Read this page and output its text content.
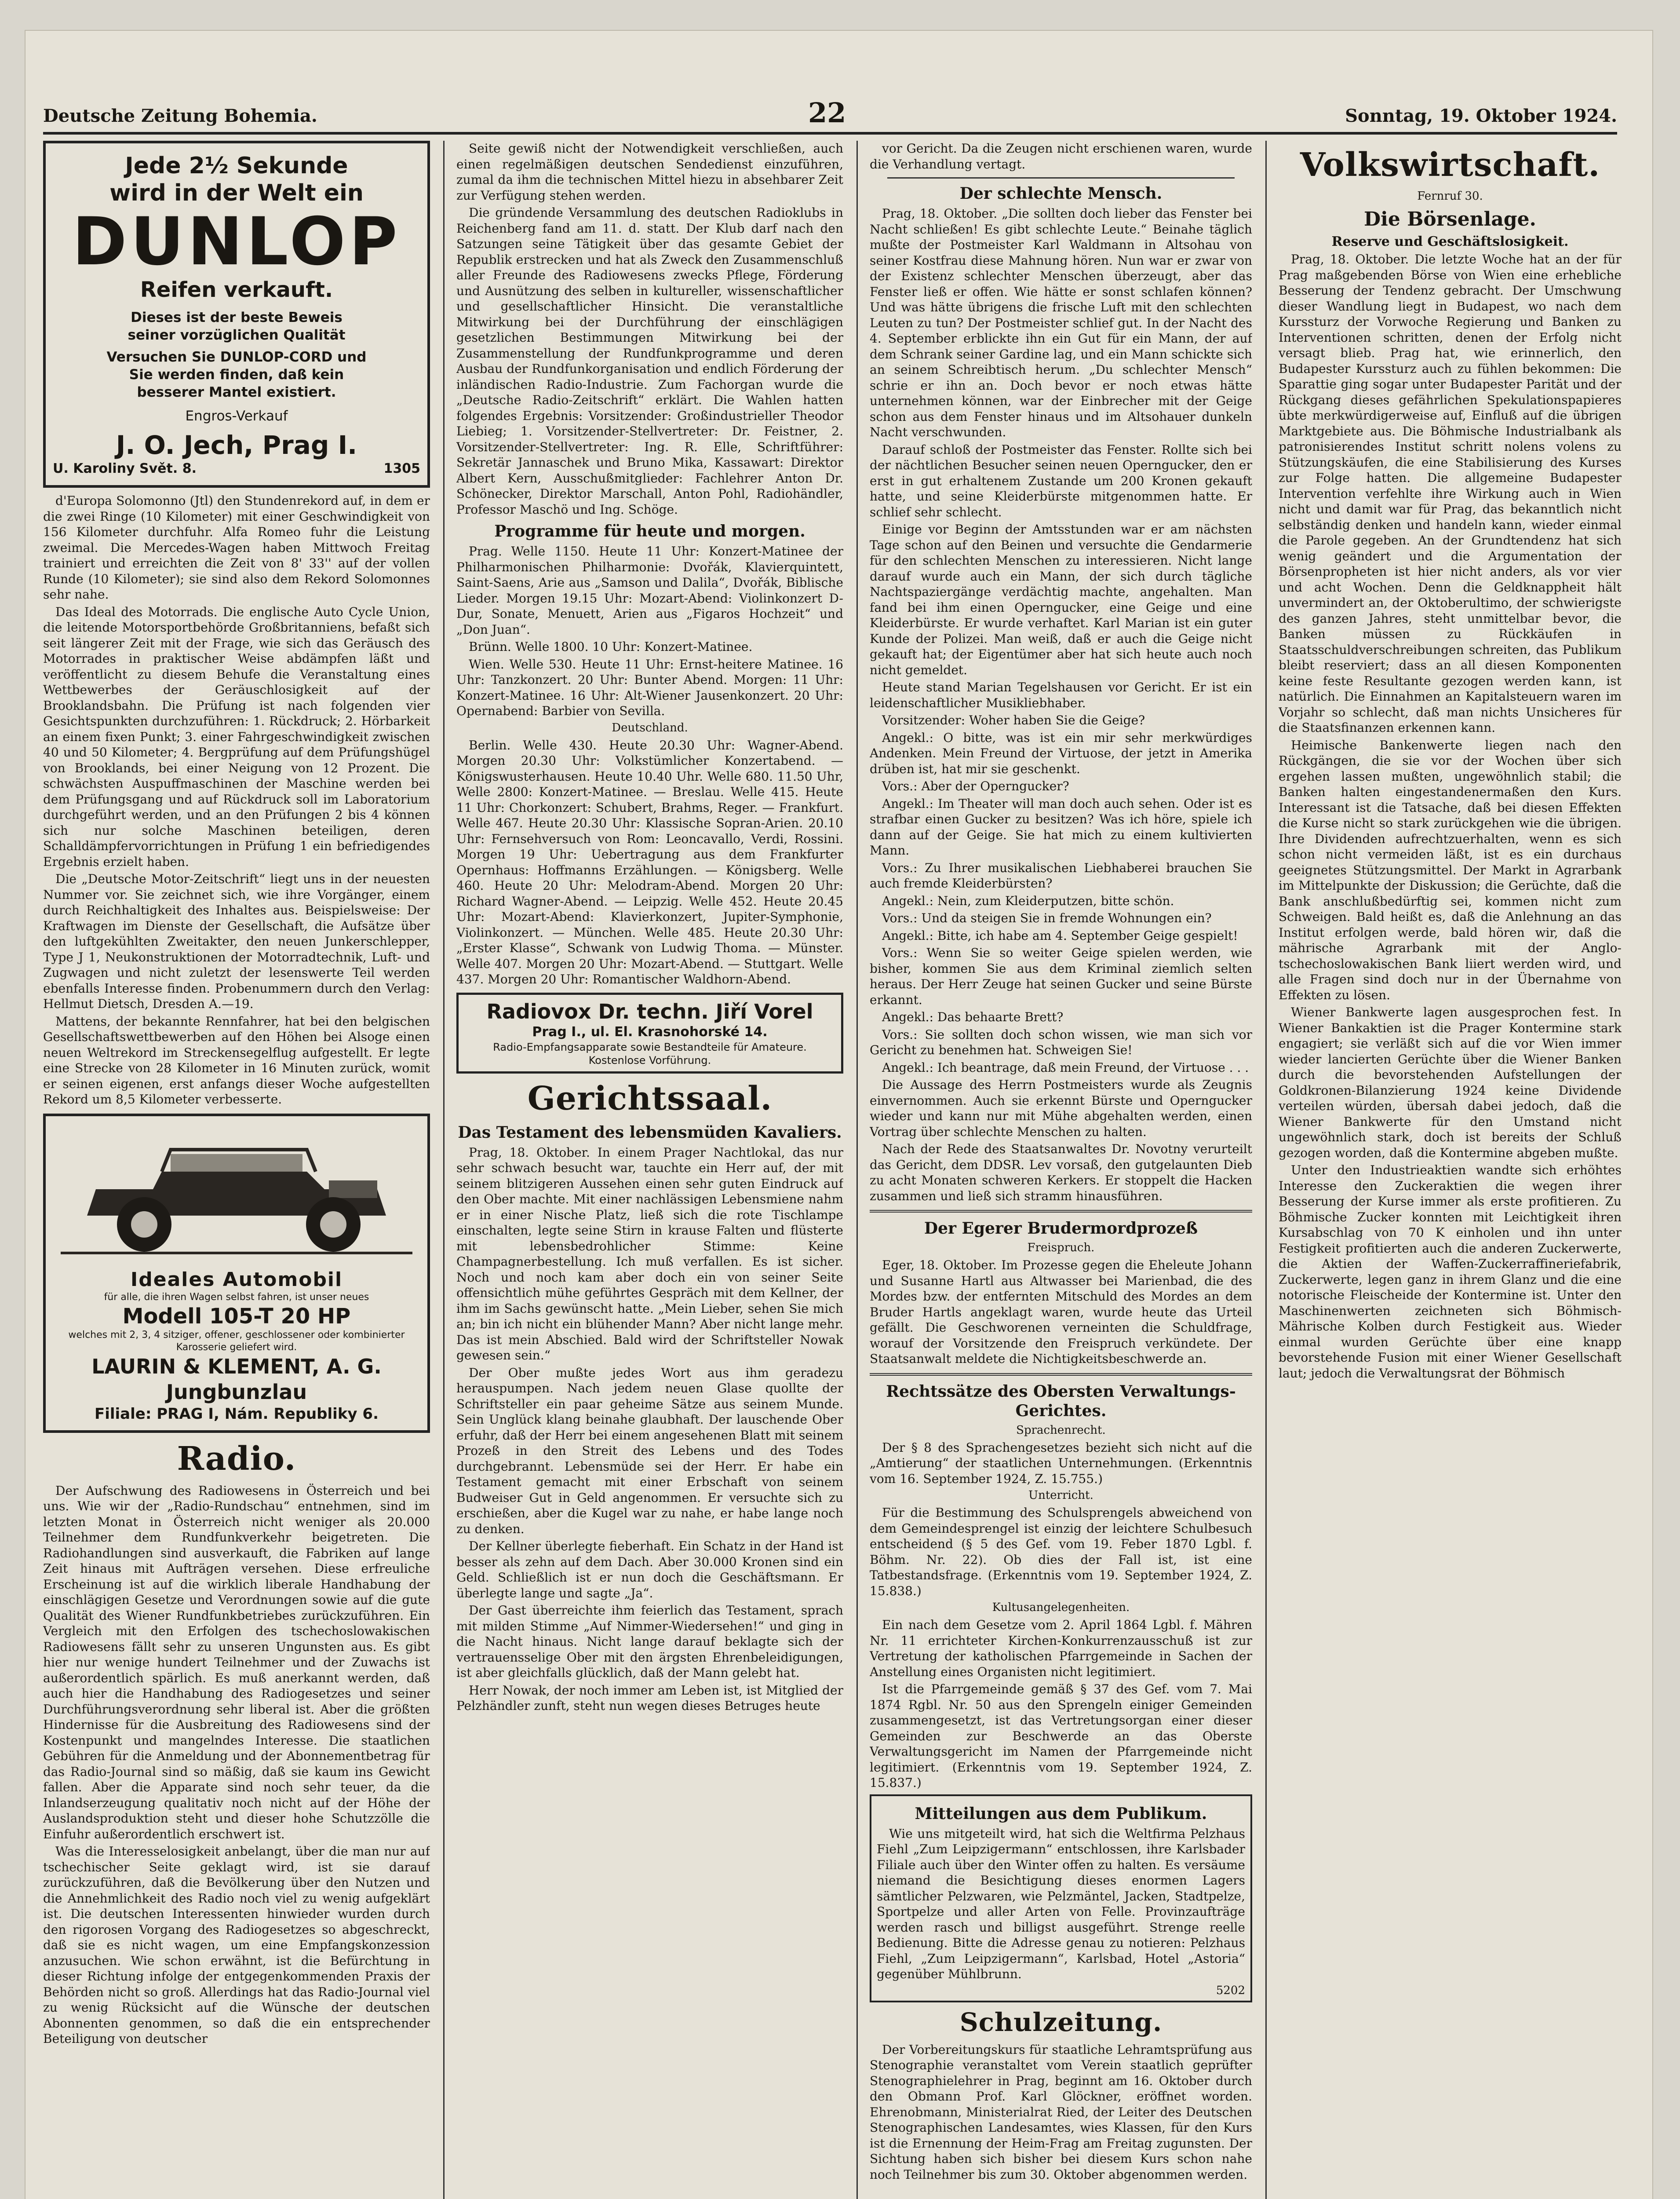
Deutsche Zeitung Bohemia.	22	Sonntag, 19. Oktober 1924.
Jede 2½ Sekunde
wird in der Welt ein
DUNLOP
Reifen verkauft.
Dieses ist der beste Beweis
seiner vorzüglichen Qualität
Versuchen Sie DUNLOP-CORD und
Sie werden finden, daß kein
besserer Mantel existiert.
Engros-Verkauf
J. O. Jech, Prag I.
U. Karoliny Svět. 8.	1305

d'Europa Solomonno (Jtl) den Stundenrekord auf, in dem er die zwei Ringe (10 Kilometer) mit einer Geschwindigkeit von 156 Kilometer durchfuhr. Alfa Romeo fuhr die Leistung zweimal. Die Mercedes-Wagen haben Mittwoch Freitag trainiert und erreichten die Zeit von 8' 33'' auf der vollen Runde (10 Kilometer); sie sind also dem Rekord Solomonnes sehr nahe.

Das Ideal des Motorrads. Die englische Auto Cycle Union, die leitende Motorsportbehörde Großbritanniens, befaßt sich seit längerer Zeit mit der Frage, wie sich das Geräusch des Motorrades in praktischer Weise abdämpfen läßt und veröffentlicht zu diesem Behufe die Veranstaltung eines Wettbewerbes der Geräuschlosigkeit auf der Brooklandsbahn. Die Prüfung ist nach folgenden vier Gesichtspunkten durchzuführen: 1. Rückdruck; 2. Hörbarkeit an einem fixen Punkt; 3. einer Fahrgeschwindigkeit zwischen 40 und 50 Kilometer; 4. Bergprüfung auf dem Prüfungshügel von Brooklands, bei einer Neigung von 12 Prozent. Die schwächsten Auspuffmaschinen der Maschine werden bei dem Prüfungsgang und auf Rückdruck soll im Laboratorium durchgeführt werden, und an den Prüfungen 2 bis 4 können sich nur solche Maschinen beteiligen, deren Schalldämpfervorrichtungen in Prüfung 1 ein befriedigendes Ergebnis erzielt haben.

Die „Deutsche Motor-Zeitschrift“ liegt uns in der neuesten Nummer vor. Sie zeichnet sich, wie ihre Vorgänger, einem durch Reichhaltigkeit des Inhaltes aus. Beispielsweise: Der Kraftwagen im Dienste der Gesellschaft, die Aufsätze über den luftgekühlten Zweitakter, den neuen Junkerschlepper, Type J 1, Neukonstruktionen der Motorradtechnik, Luft- und Zugwagen und nicht zuletzt der lesenswerte Teil werden ebenfalls Interesse finden. Probenummern durch den Verlag: Hellmut Dietsch, Dresden A.—19.

Mattens, der bekannte Rennfahrer, hat bei den belgischen Gesellschaftswettbewerben auf den Höhen bei Alsoge einen neuen Weltrekord im Streckensegelflug aufgestellt. Er legte eine Strecke von 28 Kilometer in 16 Minuten zurück, womit er seinen eigenen, erst anfangs dieser Woche aufgestellten Rekord um 8,5 Kilometer verbesserte.

Ideales Automobil
für alle, die ihren Wagen selbst fahren, ist unser neues
Modell 105-T 20 HP
welches mit 2, 3, 4 sitziger, offener, geschlossener oder kombinierter Karosserie geliefert wird.
LAURIN & KLEMENT, A. G. Jungbunzlau
Filiale: PRAG I, Nám. Republiky 6.
Radio.

Der Aufschwung des Radiowesens in Österreich und bei uns. Wie wir der „Radio-Rundschau“ entnehmen, sind im letzten Monat in Österreich nicht weniger als 20.000 Teilnehmer dem Rundfunkverkehr beigetreten. Die Radiohandlungen sind ausverkauft, die Fabriken auf lange Zeit hinaus mit Aufträgen versehen. Diese erfreuliche Erscheinung ist auf die wirklich liberale Handhabung der einschlägigen Gesetze und Verordnungen sowie auf die gute Qualität des Wiener Rundfunkbetriebes zurückzuführen. Ein Vergleich mit den Erfolgen des tschechoslowakischen Radiowesens fällt sehr zu unseren Ungunsten aus. Es gibt hier nur wenige hundert Teilnehmer und der Zuwachs ist außerordentlich spärlich. Es muß anerkannt werden, daß auch hier die Handhabung des Radiogesetzes und seiner Durchführungsverordnung sehr liberal ist. Aber die größten Hindernisse für die Ausbreitung des Radiowesens sind der Kostenpunkt und mangelndes Interesse. Die staatlichen Gebühren für die Anmeldung und der Abonnementbetrag für das Radio-Journal sind so mäßig, daß sie kaum ins Gewicht fallen. Aber die Apparate sind noch sehr teuer, da die Inlandserzeugung qualitativ noch nicht auf der Höhe der Auslandsproduktion steht und dieser hohe Schutzzölle die Einfuhr außerordentlich erschwert ist.

Was die Interesselosigkeit anbelangt, über die man nur auf tschechischer Seite geklagt wird, ist sie darauf zurückzuführen, daß die Bevölkerung über den Nutzen und die Annehmlichkeit des Radio noch viel zu wenig aufgeklärt ist. Die deutschen Interessenten hinwieder wurden durch den rigorosen Vorgang des Radiogesetzes so abgeschreckt, daß sie es nicht wagen, um eine Empfangskonzession anzusuchen. Wie schon erwähnt, ist die Befürchtung in dieser Richtung infolge der entgegenkommenden Praxis der Behörden nicht so groß. Allerdings hat das Radio-Journal viel zu wenig Rücksicht auf die Wünsche der deutschen Abonnenten genommen, so daß die ein entsprechender Beteiligung von deutscher

Seite gewiß nicht der Notwendigkeit verschließen, auch einen regelmäßigen deutschen Sendedienst einzuführen, zumal da ihm die technischen Mittel hiezu in absehbarer Zeit zur Verfügung stehen werden.

Die gründende Versammlung des deutschen Radioklubs in Reichenberg fand am 11. d. statt. Der Klub darf nach den Satzungen seine Tätigkeit über das gesamte Gebiet der Republik erstrecken und hat als Zweck den Zusammenschluß aller Freunde des Radiowesens zwecks Pflege, Förderung und Ausnützung des selben in kultureller, wissenschaftlicher und gesellschaftlicher Hinsicht. Die veranstaltliche Mitwirkung bei der Durchführung der einschlägigen gesetzlichen Bestimmungen Mitwirkung bei der Zusammenstellung der Rundfunkprogramme und deren Ausbau der Rundfunkorganisation und endlich Förderung der inländischen Radio-Industrie. Zum Fachorgan wurde die „Deutsche Radio-Zeitschrift“ erklärt. Die Wahlen hatten folgendes Ergebnis: Vorsitzender: Großindustrieller Theodor Liebieg; 1. Vorsitzender-Stellvertreter: Dr. Feistner, 2. Vorsitzender-Stellvertreter: Ing. R. Elle, Schriftführer: Sekretär Jannaschek und Bruno Mika, Kassawart: Direktor Albert Kern, Ausschußmitglieder: Fachlehrer Anton Dr. Schönecker, Direktor Marschall, Anton Pohl, Radiohändler, Professor Maschö und Ing. Schöge.

Programme für heute und morgen.

Prag. Welle 1150. Heute 11 Uhr: Konzert-Matinee der Philharmonischen Philharmonie: Dvořák, Klavierquintett, Saint-Saens, Arie aus „Samson und Dalila“, Dvořák, Biblische Lieder. Morgen 19.15 Uhr: Mozart-Abend: Violinkonzert D-Dur, Sonate, Menuett, Arien aus „Figaros Hochzeit“ und „Don Juan“.

Brünn. Welle 1800. 10 Uhr: Konzert-Matinee.

Wien. Welle 530. Heute 11 Uhr: Ernst-heitere Matinee. 16 Uhr: Tanzkonzert. 20 Uhr: Bunter Abend. Morgen: 11 Uhr: Konzert-Matinee. 16 Uhr: Alt-Wiener Jausenkonzert. 20 Uhr: Opernabend: Barbier von Sevilla.

Deutschland.

Berlin. Welle 430. Heute 20.30 Uhr: Wagner-Abend. Morgen 20.30 Uhr: Volkstümlicher Konzertabend. — Königswusterhausen. Heute 10.40 Uhr. Welle 680. 11.50 Uhr, Welle 2800: Konzert-Matinee. — Breslau. Welle 415. Heute 11 Uhr: Chorkonzert: Schubert, Brahms, Reger. — Frankfurt. Welle 467. Heute 20.30 Uhr: Klassische Sopran-Arien. 20.10 Uhr: Fernsehversuch von Rom: Leoncavallo, Verdi, Rossini. Morgen 19 Uhr: Uebertragung aus dem Frankfurter Opernhaus: Hoffmanns Erzählungen. — Königsberg. Welle 460. Heute 20 Uhr: Melodram-Abend. Morgen 20 Uhr: Richard Wagner-Abend. — Leipzig. Welle 452. Heute 20.45 Uhr: Mozart-Abend: Klavierkonzert, Jupiter-Symphonie, Violinkonzert. — München. Welle 485. Heute 20.30 Uhr: „Erster Klasse“, Schwank von Ludwig Thoma. — Münster. Welle 407. Morgen 20 Uhr: Mozart-Abend. — Stuttgart. Welle 437. Morgen 20 Uhr: Romantischer Waldhorn-Abend.

Radiovox Dr. techn. Jiří Vorel
Prag I., ul. El. Krasnohorské 14.
Radio-Empfangsapparate sowie Bestandteile für Amateure. Kostenlose Vorführung.
Gerichtssaal.
Das Testament des lebensmüden Kavaliers.

Prag, 18. Oktober. In einem Prager Nachtlokal, das nur sehr schwach besucht war, tauchte ein Herr auf, der mit seinem blitzigeren Aussehen einen sehr guten Eindruck auf den Ober machte. Mit einer nachlässigen Lebensmiene nahm er in einer Nische Platz, ließ sich die rote Tischlampe einschalten, legte seine Stirn in krause Falten und flüsterte mit lebensbedrohlicher Stimme: Keine Champagnerbestellung. Ich muß verfallen. Es ist sicher. Noch und noch kam aber doch ein von seiner Seite offensichtlich mühe geführtes Gespräch mit dem Kellner, der ihm im Sachs gewünscht hatte. „Mein Lieber, sehen Sie mich an; bin ich nicht ein blühender Mann? Aber nicht lange mehr. Das ist mein Abschied. Bald wird der Schriftsteller Nowak gewesen sein.“

Der Ober mußte jedes Wort aus ihm geradezu herauspumpen. Nach jedem neuen Glase quollte der Schriftsteller ein paar geheime Sätze aus seinem Munde. Sein Unglück klang beinahe glaubhaft. Der lauschende Ober erfuhr, daß der Herr bei einem angesehenen Blatt mit seinem Prozeß in den Streit des Lebens und des Todes durchgebrannt. Lebensmüde sei der Herr. Er habe ein Testament gemacht mit einer Erbschaft von seinem Budweiser Gut in Geld angenommen. Er versuchte sich zu erschießen, aber die Kugel war zu nahe, er habe lange noch zu denken.

Der Kellner überlegte fieberhaft. Ein Schatz in der Hand ist besser als zehn auf dem Dach. Aber 30.000 Kronen sind ein Geld. Schließlich ist er nun doch die Geschäftsmann. Er überlegte lange und sagte „Ja“.

Der Gast überreichte ihm feierlich das Testament, sprach mit milden Stimme „Auf Nimmer-Wiedersehen!“ und ging in die Nacht hinaus. Nicht lange darauf beklagte sich der vertrauensselige Ober mit den ärgsten Ehrenbeleidigungen, ist aber gleichfalls glücklich, daß der Mann gelebt hat.

Herr Nowak, der noch immer am Leben ist, ist Mitglied der Pelzhändler zunft, steht nun wegen dieses Betruges heute

vor Gericht. Da die Zeugen nicht erschienen waren, wurde die Verhandlung vertagt.

Der schlechte Mensch.

Prag, 18. Oktober. „Die sollten doch lieber das Fenster bei Nacht schließen! Es gibt schlechte Leute.“ Beinahe täglich mußte der Postmeister Karl Waldmann in Altsohau von seiner Kostfrau diese Mahnung hören. Nun war er zwar von der Existenz schlechter Menschen überzeugt, aber das Fenster ließ er offen. Wie hätte er sonst schlafen können? Und was hätte übrigens die frische Luft mit den schlechten Leuten zu tun? Der Postmeister schlief gut. In der Nacht des 4. September erblickte ihn ein Gut für ein Mann, der auf dem Schrank seiner Gardine lag, und ein Mann schickte sich an seinem Schreibtisch herum. „Du schlechter Mensch“ schrie er ihn an. Doch bevor er noch etwas hätte unternehmen können, war der Einbrecher mit der Geige schon aus dem Fenster hinaus und im Altsohauer dunkeln Nacht verschwunden.

Darauf schloß der Postmeister das Fenster. Rollte sich bei der nächtlichen Besucher seinen neuen Operngucker, den er erst in gut erhaltenem Zustande um 200 Kronen gekauft hatte, und seine Kleiderbürste mitgenommen hatte. Er schlief sehr schlecht.

Einige vor Beginn der Amtsstunden war er am nächsten Tage schon auf den Beinen und versuchte die Gendarmerie für den schlechten Menschen zu interessieren. Nicht lange darauf wurde auch ein Mann, der sich durch tägliche Nachtspaziergänge verdächtig machte, angehalten. Man fand bei ihm einen Operngucker, eine Geige und eine Kleiderbürste. Er wurde verhaftet. Karl Marian ist ein guter Kunde der Polizei. Man weiß, daß er auch die Geige nicht gekauft hat; der Eigentümer aber hat sich heute auch noch nicht gemeldet.

Heute stand Marian Tegelshausen vor Gericht. Er ist ein leidenschaftlicher Musikliebhaber.

Vorsitzender: Woher haben Sie die Geige?

Angekl.: O bitte, was ist ein mir sehr merkwürdiges Andenken. Mein Freund der Virtuose, der jetzt in Amerika drüben ist, hat mir sie geschenkt.

Vors.: Aber der Operngucker?

Angekl.: Im Theater will man doch auch sehen. Oder ist es strafbar einen Gucker zu besitzen? Was ich höre, spiele ich dann auf der Geige. Sie hat mich zu einem kultivierten Mann.

Vors.: Zu Ihrer musikalischen Liebhaberei brauchen Sie auch fremde Kleiderbürsten?

Angekl.: Nein, zum Kleiderputzen, bitte schön.

Vors.: Und da steigen Sie in fremde Wohnungen ein?

Angekl.: Bitte, ich habe am 4. September Geige gespielt!

Vors.: Wenn Sie so weiter Geige spielen werden, wie bisher, kommen Sie aus dem Kriminal ziemlich selten heraus. Der Herr Zeuge hat seinen Gucker und seine Bürste erkannt.

Angekl.: Das behaarte Brett?

Vors.: Sie sollten doch schon wissen, wie man sich vor Gericht zu benehmen hat. Schweigen Sie!

Angekl.: Ich beantrage, daß mein Freund, der Virtuose . . .

Die Aussage des Herrn Postmeisters wurde als Zeugnis einvernommen. Auch sie erkennt Bürste und Operngucker wieder und kann nur mit Mühe abgehalten werden, einen Vortrag über schlechte Menschen zu halten.

Nach der Rede des Staatsanwaltes Dr. Novotny verurteilt das Gericht, dem DDSR. Lev vorsaß, den gutgelaunten Dieb zu acht Monaten schweren Kerkers. Er stoppelt die Hacken zusammen und ließ sich stramm hinausführen.

Der Egerer Brudermordprozeß
Freispruch.

Eger, 18. Oktober. Im Prozesse gegen die Eheleute Johann und Susanne Hartl aus Altwasser bei Marienbad, die des Mordes bzw. der entfernten Mitschuld des Mordes an dem Bruder Hartls angeklagt waren, wurde heute das Urteil gefällt. Die Geschworenen verneinten die Schuldfrage, worauf der Vorsitzende den Freispruch verkündete. Der Staatsanwalt meldete die Nichtigkeitsbeschwerde an.

Rechtssätze des Obersten Verwaltungs-Gerichtes.
Sprachenrecht.

Der § 8 des Sprachengesetzes bezieht sich nicht auf die „Amtierung“ der staatlichen Unternehmungen. (Erkenntnis vom 16. September 1924, Z. 15.755.)

Unterricht.

Für die Bestimmung des Schulsprengels abweichend von dem Gemeindesprengel ist einzig der leichtere Schulbesuch entscheidend (§ 5 des Gef. vom 19. Feber 1870 Lgbl. f. Böhm. Nr. 22). Ob dies der Fall ist, ist eine Tatbestandsfrage. (Erkenntnis vom 19. September 1924, Z. 15.838.)

Kultusangelegenheiten.

Ein nach dem Gesetze vom 2. April 1864 Lgbl. f. Mähren Nr. 11 errichteter Kirchen-Konkurrenzausschuß ist zur Vertretung der katholischen Pfarrgemeinde in Sachen der Anstellung eines Organisten nicht legitimiert.

Ist die Pfarrgemeinde gemäß § 37 des Gef. vom 7. Mai 1874 Rgbl. Nr. 50 aus den Sprengeln einiger Gemeinden zusammengesetzt, ist das Vertretungsorgan einer dieser Gemeinden zur Beschwerde an das Oberste Verwaltungsgericht im Namen der Pfarrgemeinde nicht legitimiert. (Erkenntnis vom 19. September 1924, Z. 15.837.)

Mitteilungen aus dem Publikum.

Wie uns mitgeteilt wird, hat sich die Weltfirma Pelzhaus Fiehl „Zum Leipzigermann“ entschlossen, ihre Karlsbader Filiale auch über den Winter offen zu halten. Es versäume niemand die Besichtigung dieses enormen Lagers sämtlicher Pelzwaren, wie Pelzmäntel, Jacken, Stadtpelze, Sportpelze und aller Arten von Felle. Provinzaufträge werden rasch und billigst ausgeführt. Strenge reelle Bedienung. Bitte die Adresse genau zu notieren: Pelzhaus Fiehl, „Zum Leipzigermann“, Karlsbad, Hotel „Astoria“ gegenüber Mühlbrunn.

5202
Schulzeitung.

Der Vorbereitungskurs für staatliche Lehramtsprüfung aus Stenographie veranstaltet vom Verein staatlich geprüfter Stenographielehrer in Prag, beginnt am 16. Oktober durch den Obmann Prof. Karl Glöckner, eröffnet worden. Ehrenobmann, Ministerialrat Ried, der Leiter des Deutschen Stenographischen Landesamtes, wies Klassen, für den Kurs ist die Ernennung der Heim-Frag am Freitag zugunsten. Der Sichtung haben sich bisher bei diesem Kurs schon nahe noch Teilnehmer bis zum 30. Oktober abgenommen werden.

Volkswirtschaft.
Fernruf 30.
Die Börsenlage.
Reserve und Geschäftslosigkeit.

Prag, 18. Oktober. Die letzte Woche hat an der für Prag maßgebenden Börse von Wien eine erhebliche Besserung der Tendenz gebracht. Der Umschwung dieser Wandlung liegt in Budapest, wo nach dem Kurssturz der Vorwoche Regierung und Banken zu Interventionen schritten, denen der Erfolg nicht versagt blieb. Prag hat, wie erinnerlich, den Budapester Kurssturz auch zu fühlen bekommen: Die Sparattie ging sogar unter Budapester Parität und der Rückgang dieses gefährlichen Spekulationspapieres übte merkwürdigerweise auf, Einfluß auf die übrigen Marktgebiete aus. Die Böhmische Industrialbank als patronisierendes Institut schritt nolens volens zu Stützungskäufen, die eine Stabilisierung des Kurses zur Folge hatten. Die allgemeine Budapester Intervention verfehlte ihre Wirkung auch in Wien nicht und damit war für Prag, das bekanntlich nicht selbständig denken und handeln kann, wieder einmal die Parole gegeben. An der Grundtendenz hat sich wenig geändert und die Argumentation der Börsenpropheten ist hier nicht anders, als vor vier und acht Wochen. Denn die Geldknappheit hält unvermindert an, der Oktoberultimo, der schwierigste des ganzen Jahres, steht unmittelbar bevor, die Banken müssen zu Rückkäufen in Staatsschuldverschreibungen schreiten, das Publikum bleibt reserviert; dass an all diesen Komponenten keine feste Resultante gezogen werden kann, ist natürlich. Die Einnahmen an Kapitalsteuern waren im Vorjahr so schlecht, daß man nichts Unsicheres für die Staatsfinanzen erkennen kann.

Heimische Bankenwerte liegen nach den Rückgängen, die sie vor der Wochen über sich ergehen lassen mußten, ungewöhnlich stabil; die Banken halten eingestandenermaßen den Kurs. Interessant ist die Tatsache, daß bei diesen Effekten die Kurse nicht so stark zurückgehen wie die übrigen. Ihre Dividenden aufrechtzuerhalten, wenn es sich schon nicht vermeiden läßt, ist es ein durchaus geeignetes Stützungsmittel. Der Markt in Agrarbank im Mittelpunkte der Diskussion; die Gerüchte, daß die Bank anschlußbedürftig sei, kommen nicht zum Schweigen. Bald heißt es, daß die Anlehnung an das Institut erfolgen werde, bald hören wir, daß die mährische Agrarbank mit der Anglo-tschechoslowakischen Bank liiert werden wird, und alle Fragen sind doch nur in der Übernahme von Effekten zu lösen.

Wiener Bankwerte lagen ausgesprochen fest. In Wiener Bankaktien ist die Prager Kontermine stark engagiert; sie verläßt sich auf die vor Wien immer wieder lancierten Gerüchte über die Wiener Banken durch die bevorstehenden Aufstellungen der Goldkronen-Bilanzierung 1924 keine Dividende verteilen würden, übersah dabei jedoch, daß die Wiener Bankwerte für den Umstand nicht ungewöhnlich stark, doch ist bereits der Schluß gezogen worden, daß die Kontermine abgeben mußte.

Unter den Industrieaktien wandte sich erhöhtes Interesse den Zuckeraktien die wegen ihrer Besserung der Kurse immer als erste profitieren. Zu Böhmische Zucker konnten mit Leichtigkeit ihren Kursabschlag von 70 K einholen und ihn unter Festigkeit profitierten auch die anderen Zuckerwerte, die Aktien der Waffen-Zuckerraffineriefabrik, Zuckerwerte, legen ganz in ihrem Glanz und die eine notorische Fleischeide der Kontermine ist. Unter den Maschinenwerten zeichneten sich Böhmisch-Mährische Kolben durch Festigkeit aus. Wieder einmal wurden Gerüchte über eine knapp bevorstehende Fusion mit einer Wiener Gesellschaft laut; jedoch die Verwaltungsrat der Böhmisch
